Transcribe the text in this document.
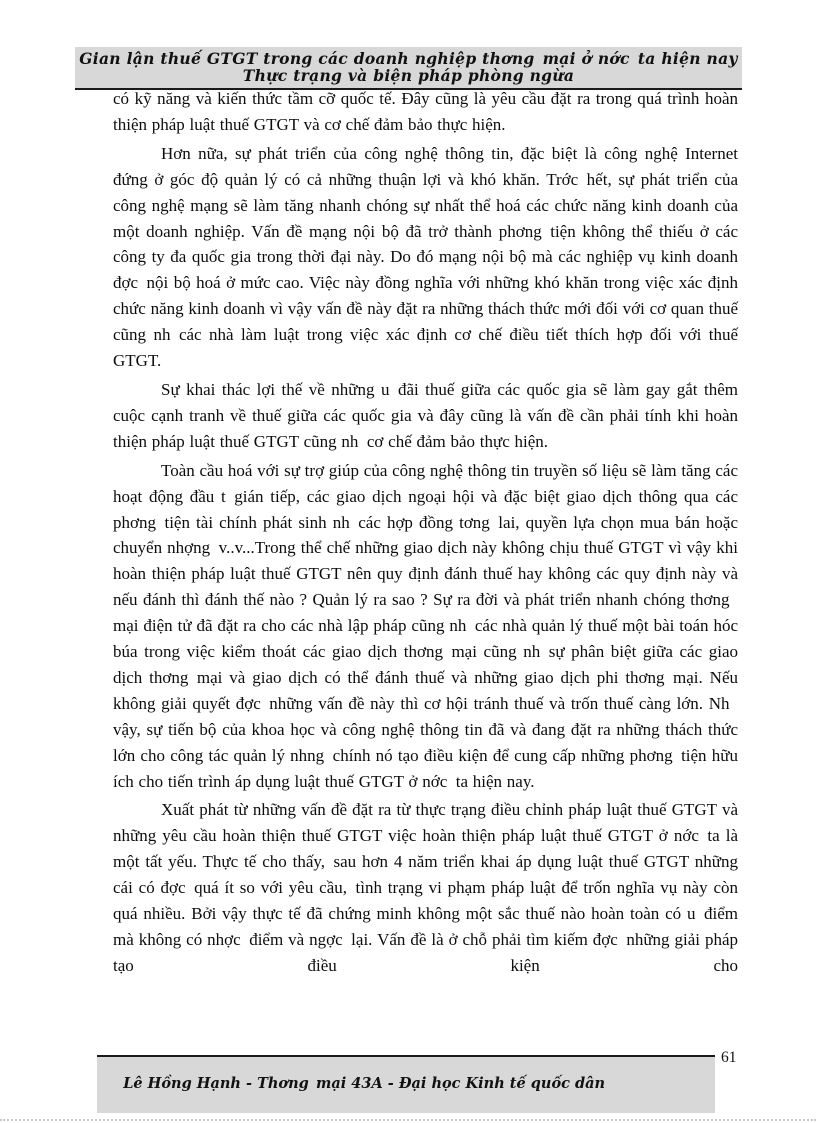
Gian lận thuế GTGT trong các doanh nghiệp thơng mại ở nớc ta hiện nay
Thực trạng và biện pháp phòng ngừa

có kỹ năng và kiến thức tầm cỡ quốc tế. Đây cũng là yêu cầu đặt ra trong quá trình hoàn thiện pháp luật thuế GTGT và cơ chế đảm bảo thực hiện.

Hơn nữa, sự phát triển của công nghệ thông tin, đặc biệt là công nghệ Internet đứng ở góc độ quản lý có cả những thuận lợi và khó khăn. Trớc hết, sự phát triển của công nghệ mạng sẽ làm tăng nhanh chóng sự nhất thể hoá các chức năng kinh doanh của một doanh nghiệp. Vấn đề mạng nội bộ đã trở thành phơng tiện không thể thiếu ở các công ty đa quốc gia trong thời đại này. Do đó mạng nội bộ mà các nghiệp vụ kinh doanh đợc nội bộ hoá ở mức cao. Việc này đồng nghĩa với những khó khăn trong việc xác định chức năng kinh doanh vì vậy vấn đề này đặt ra những thách thức mới đối với cơ quan thuế cũng nh các nhà làm luật trong việc xác định cơ chế điều tiết thích hợp đối với thuế GTGT.

Sự khai thác lợi thế về những u đãi thuế giữa các quốc gia sẽ làm gay gắt thêm cuộc cạnh tranh về thuế giữa các quốc gia và đây cũng là vấn đề cần phải tính khi hoàn thiện pháp luật thuế GTGT cũng nh cơ chế đảm bảo thực hiện.

Toàn cầu hoá với sự trợ giúp của công nghệ thông tin truyền số liệu sẽ làm tăng các hoạt động đầu t gián tiếp, các giao dịch ngoại hội và đặc biệt giao dịch thông qua các phơng tiện tài chính phát sinh nh các hợp đồng tơng lai, quyền lựa chọn mua bán hoặc chuyển nhợng v..v...Trong thể chế những giao dịch này không chịu thuế GTGT vì vậy khi hoàn thiện pháp luật thuế GTGT nên quy định đánh thuế hay không các quy định này và nếu đánh thì đánh thế nào ? Quản lý ra sao ? Sự ra đời và phát triển nhanh chóng thơng mại điện tử đã đặt ra cho các nhà lập pháp cũng nh các nhà quản lý thuế một bài toán hóc búa trong việc kiểm thoát các giao dịch thơng mại cũng nh sự phân biệt giữa các giao dịch thơng mại và giao dịch có thể đánh thuế và những giao dịch phi thơng mại. Nếu không giải quyết đợc những vấn đề này thì cơ hội tránh thuế và trốn thuế càng lớn. Nh vậy, sự tiến bộ của khoa học và công nghệ thông tin đã và đang đặt ra những thách thức lớn cho công tác quản lý nhng chính nó tạo điều kiện để cung cấp những phơng tiện hữu ích cho tiến trình áp dụng luật thuế GTGT ở nớc ta hiện nay.

Xuất phát từ những vấn đề đặt ra từ thực trạng điều chỉnh pháp luật thuế GTGT và những yêu cầu hoàn thiện thuế GTGT việc hoàn thiện pháp luật thuế GTGT ở nớc ta là một tất yếu. Thực tế cho thấy, sau hơn 4 năm triển khai áp dụng luật thuế GTGT những cái có đợc quá ít so với yêu cầu, tình trạng vi phạm pháp luật để trốn nghĩa vụ này còn quá nhiều. Bởi vậy thực tế đã chứng minh không một sắc thuế nào hoàn toàn có u điểm mà không có nhợc điểm và ngợc lại. Vấn đề là ở chỗ phải tìm kiếm đợc những giải pháp tạo điều kiện cho

Lê Hồng Hạnh - Thơng mại 43A - Đại học Kinh tế quốc dân

61
